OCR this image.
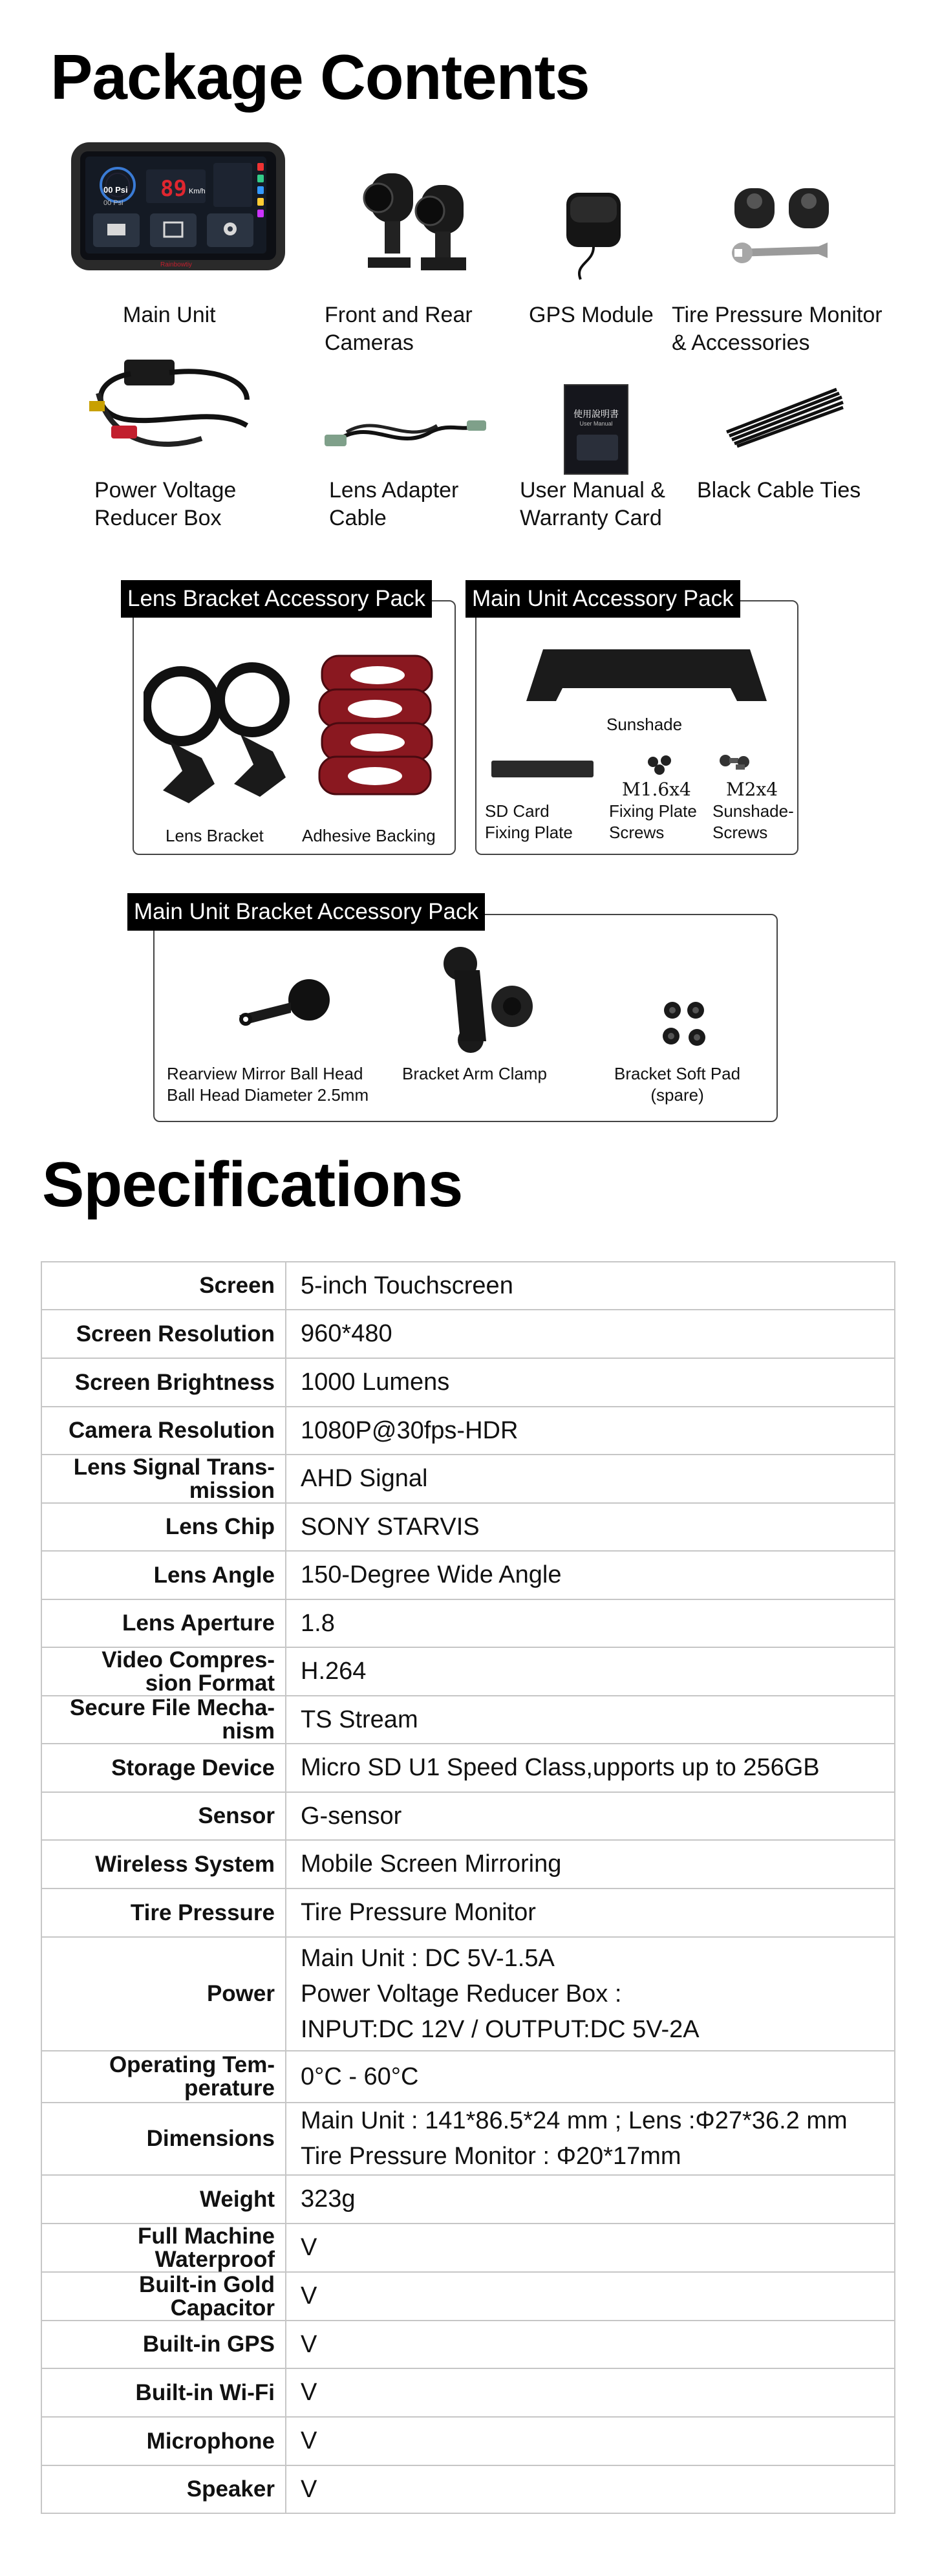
Package Contents
00 Psi
00 Psi
89 Km/h
Rainbowtiy
Main Unit	Front and Rear
Cameras
GPS Module Tire Pressure Monitor
& Accessories
Power Voltage
Reducer Box
Lens Adapter
Cable
使用說明書
User Manual
User Manual &
Warranty Card
Black Cable Ties
Lens Bracket Accessory Pack
Lens Bracket Adhesive Backing
Main Unit Accessory Pack
Sunshade
SD Card
Fixing Plate
M1.6x4
Fixing Plate
Screws
M2x4
Sunshade-
Screws
Main Unit Bracket Accessory Pack
Rearview Mirror Ball Head
Ball Head Diameter 2.5mm
Bracket Arm Clamp	Bracket Soft Pad
(spare)
Specifications
Screen	5-inch Touchscreen
Screen Resolution	960*480
Screen Brightness	1000 Lumens
Camera Resolution	1080P@30fps-HDR
Lens Signal Trans-
mission	AHD Signal
Lens Chip	SONY STARVIS
Lens Angle	150-Degree Wide Angle
Lens Aperture	1.8
Video Compres-
sion Format	H.264
Secure File Mecha-
nism	TS Stream
Storage Device	Micro SD U1 Speed Class,upports up to 256GB
Sensor	G-sensor
Wireless System	Mobile Screen Mirroring
Tire Pressure	Tire Pressure Monitor
Power	Main Unit : DC 5V-1.5A
Power Voltage Reducer Box :
INPUT:DC 12V / OUTPUT:DC 5V-2A
Operating Tem-
perature	0°C - 60°C
Dimensions	Main Unit : 141*86.5*24 mm ; Lens :Φ27*36.2 mm
Tire Pressure Monitor : Φ20*17mm
Weight	323g
Full Machine
Waterproof	V
Built-in Gold
Capacitor	V
Built-in GPS	V
Built-in Wi-Fi	V
Microphone	V
Speaker	V
